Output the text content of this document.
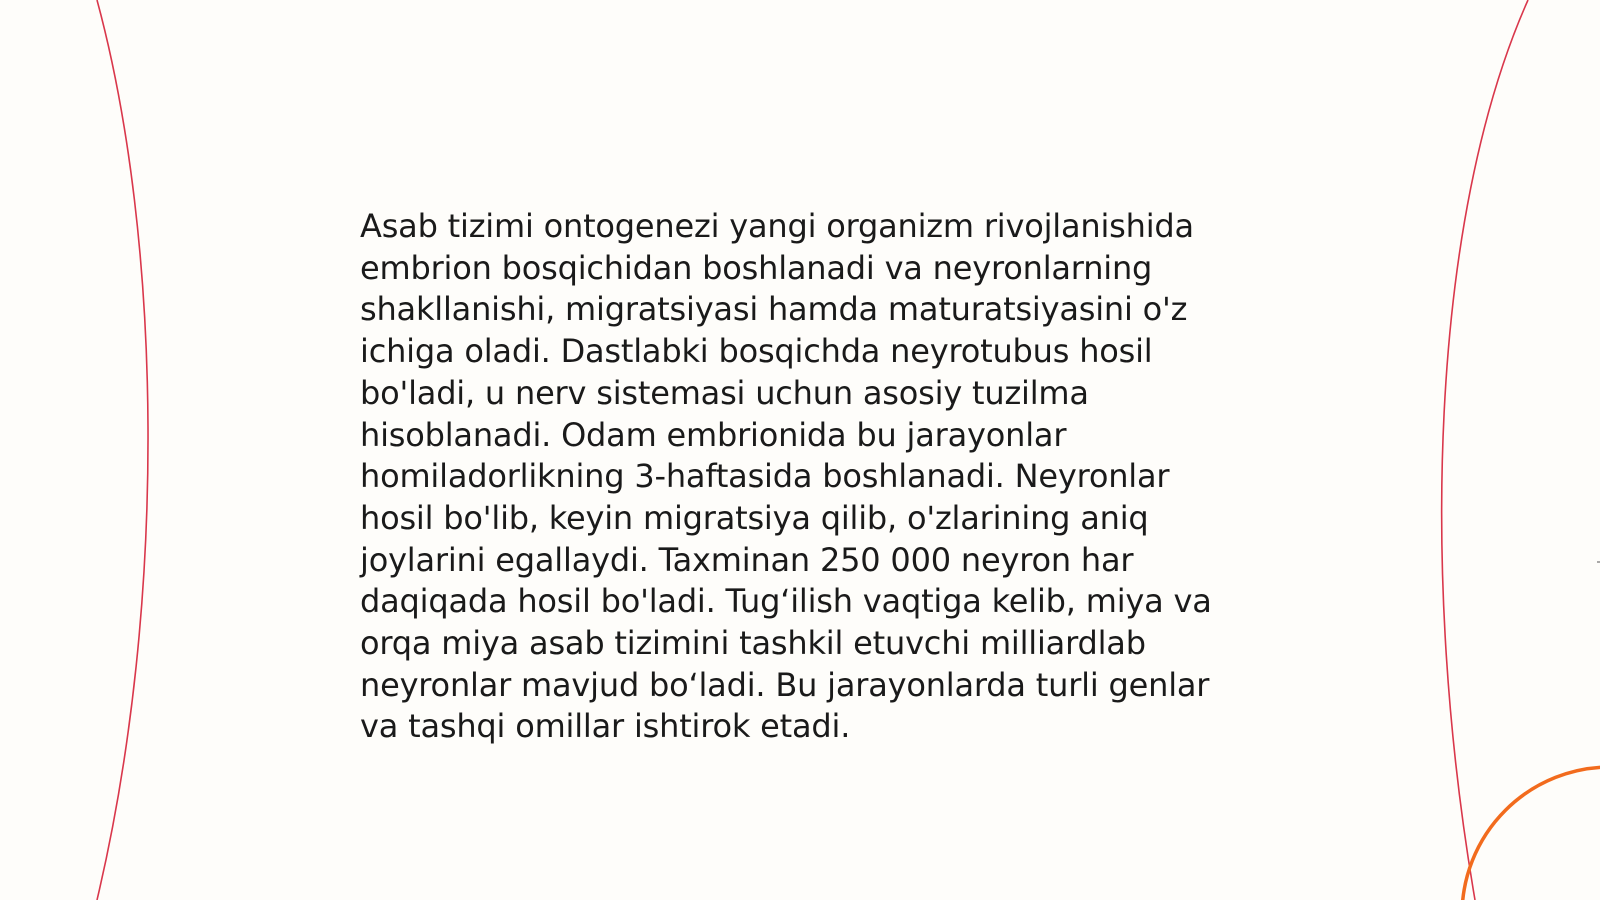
Asab tizimi ontogenezi yangi organizm rivojlanishida embrion bosqichidan boshlanadi va neyronlarning shakllanishi, migratsiyasi hamda maturatsiyasini o'z ichiga oladi. Dastlabki bosqichda neyrotubus hosil bo'ladi, u nerv sistemasi uchun asosiy tuzilma hisoblanadi. Odam embrionida bu jarayonlar homiladorlikning 3-haftasida boshlanadi. Neyronlar hosil bo'lib, keyin migratsiya qilib, o'zlarining aniq joylarini egallaydi. Taxminan 250 000 neyron har daqiqada hosil bo'ladi. Tug‘ilish vaqtiga kelib, miya va orqa miya asab tizimini tashkil etuvchi milliardlab neyronlar mavjud bo‘ladi. Bu jarayonlarda turli genlar va tashqi omillar ishtirok etadi.
